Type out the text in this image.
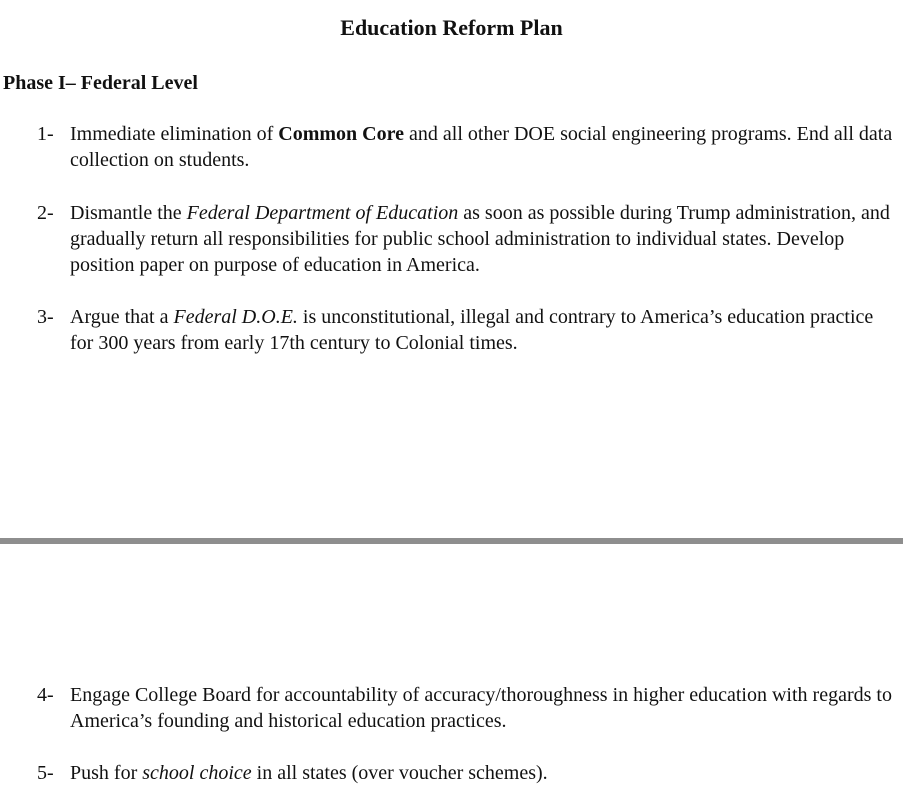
Education Reform Plan
Phase I– Federal Level
1- Immediate elimination of Common Core and all other DOE social engineering programs. End all data collection on students.
2- Dismantle the Federal Department of Education as soon as possible during Trump administration, and gradually return all responsibilities for public school administration to individual states. Develop position paper on purpose of education in America.
3- Argue that a Federal D.O.E. is unconstitutional, illegal and contrary to America’s education practice for 300 years from early 17th century to Colonial times.
4- Engage College Board for accountability of accuracy/thoroughness in higher education with regards to America’s founding and historical education practices.
5- Push for school choice in all states (over voucher schemes).
